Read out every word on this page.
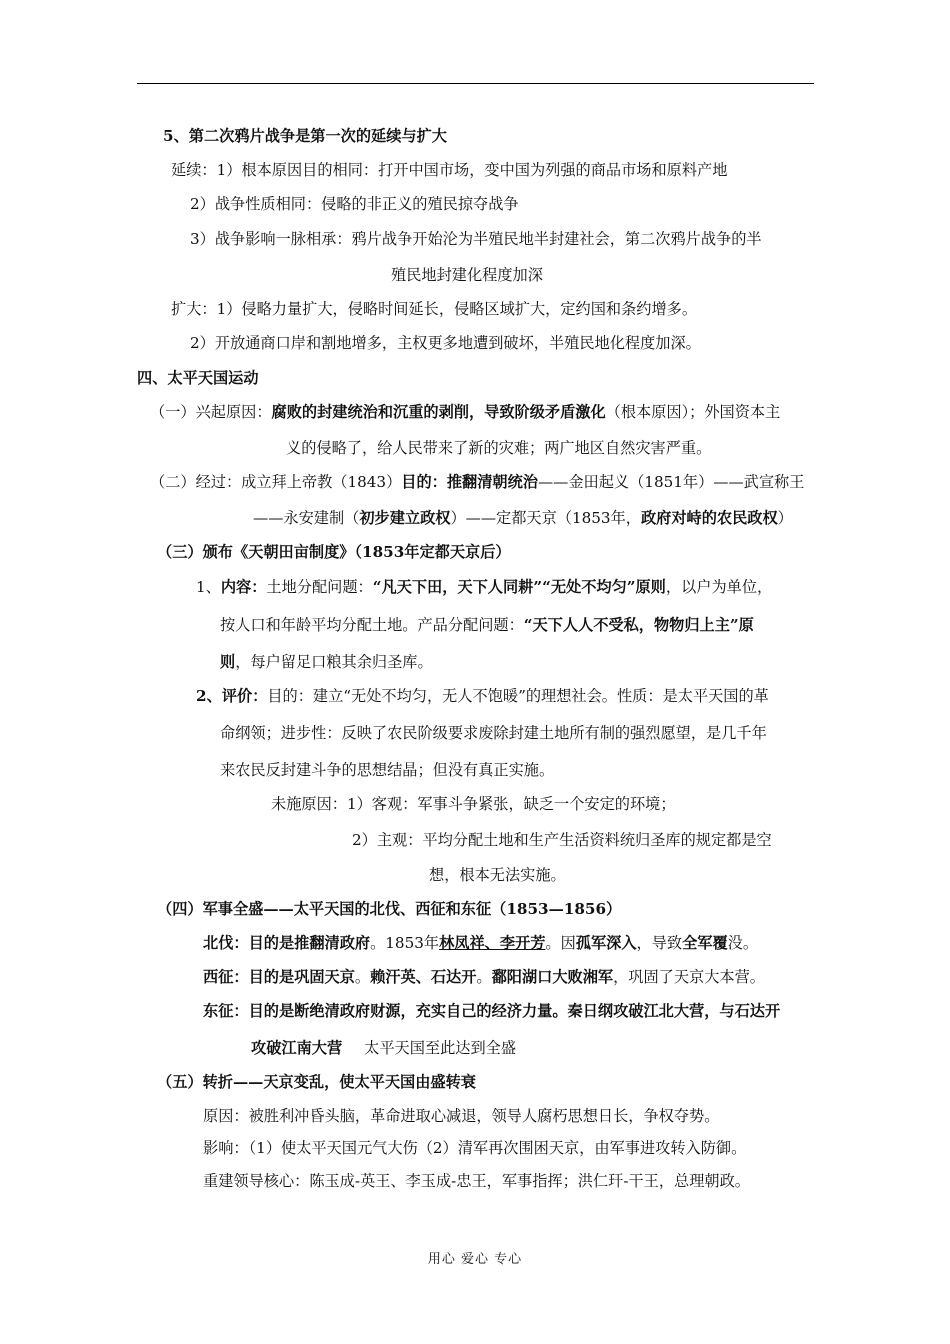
5、第二次鸦片战争是第一次的延续与扩大
延续：1）根本原因目的相同：打开中国市场，变中国为列强的商品市场和原料产地
2）战争性质相同：侵略的非正义的殖民掠夺战争
3）战争影响一脉相承：鸦片战争开始沦为半殖民地半封建社会，第二次鸦片战争的半
殖民地封建化程度加深
扩大：1）侵略力量扩大，侵略时间延长，侵略区域扩大，定约国和条约增多。
2）开放通商口岸和割地增多，主权更多地遭到破坏，半殖民地化程度加深。
四、太平天国运动
（一）兴起原因：腐败的封建统治和沉重的剥削，导致阶级矛盾激化（根本原因）；外国资本主
义的侵略了，给人民带来了新的灾难；两广地区自然灾害严重。
（二）经过：成立拜上帝教（1843）目的：推翻清朝统治——金田起义（1851年）——武宣称王
——永安建制（初步建立政权）——定都天京（1853年，政府对峙的农民政权）
（三）颁布《天朝田亩制度》（1853年定都天京后）
1、内容：土地分配问题：“凡天下田，天下人同耕”“无处不均匀”原则，以户为单位，
按人口和年龄平均分配土地。产品分配问题：“天下人人不受私，物物归上主”原
则，每户留足口粮其余归圣库。
2、评价：目的：建立“无处不均匀，无人不饱暖”的理想社会。性质：是太平天国的革
命纲领；进步性：反映了农民阶级要求废除封建土地所有制的强烈愿望，是几千年
来农民反封建斗争的思想结晶；但没有真正实施。
未施原因：1）客观：军事斗争紧张，缺乏一个安定的环境；
2）主观：平均分配土地和生产生活资料统归圣库的规定都是空
想，根本无法实施。
（四）军事全盛——太平天国的北伐、西征和东征（1853—1856）
北伐：目的是推翻清政府。1853年林凤祥、李开芳。因孤军深入，导致全军覆没。
西征：目的是巩固天京。赖汗英、石达开。鄱阳湖口大败湘军，巩固了天京大本营。
东征：目的是断绝清政府财源，充实自己的经济力量。秦日纲攻破江北大营，与石达开
攻破江南大营 太平天国至此达到全盛
（五）转折——天京变乱，使太平天国由盛转衰
原因：被胜利冲昏头脑，革命进取心减退，领导人腐朽思想日长，争权夺势。
影响：（1）使太平天国元气大伤（2）清军再次围困天京，由军事进攻转入防御。
重建领导核心：陈玉成-英王、李玉成-忠王，军事指挥；洪仁玕-干王，总理朝政。
用心 爱心 专心
